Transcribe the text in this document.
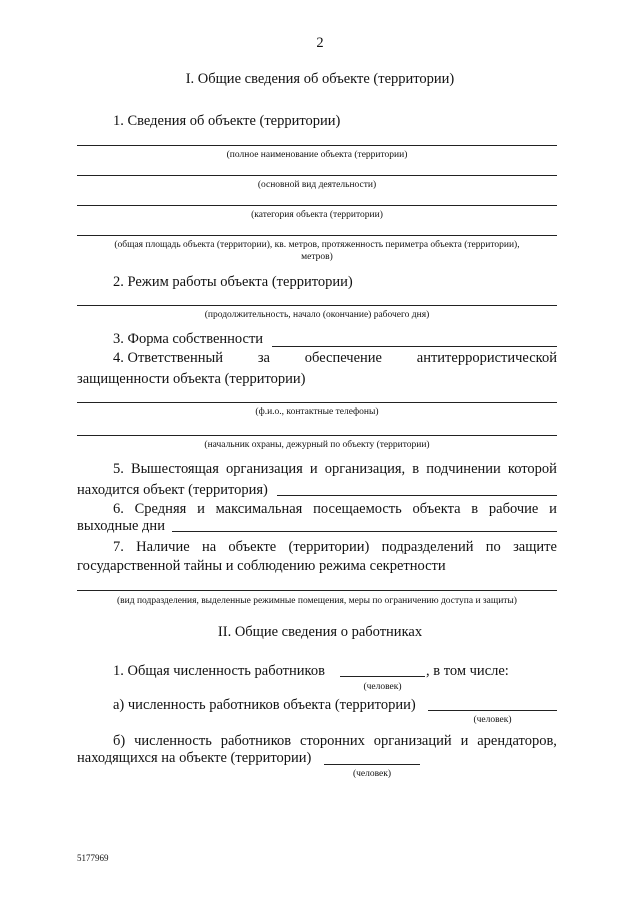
2
I. Общие сведения об объекте (территории)
1. Сведения об объекте (территории)
(полное наименование объекта (территории)
(основной вид деятельности)
(категория объекта (территории)
(общая площадь объекта (территории), кв. метров, протяженность периметра объекта (территории),
метров)
2. Режим работы объекта (территории)
(продолжительность, начало (окончание) рабочего дня)
3. Форма собственности
4. Ответственный за обеспечение антитеррористической
защищенности объекта (территории)
(ф.и.о., контактные телефоны)
(начальник охраны, дежурный по объекту (территории)
5. Вышестоящая организация и организация, в подчинении которой
находится объект (территория)
6. Средняя и максимальная посещаемость объекта в рабочие и
выходные дни
7. Наличие на объекте (территории) подразделений по защите
государственной тайны и соблюдению режима секретности
(вид подразделения, выделенные режимные помещения, меры по ограничению доступа и защиты)
II. Общие сведения о работниках
1. Общая численность работников	, в том числе:
(человек)
а) численность работников объекта (территории)
(человек)
б) численность работников сторонних организаций и арендаторов,
находящихся на объекте (территории)
(человек)
5177969
